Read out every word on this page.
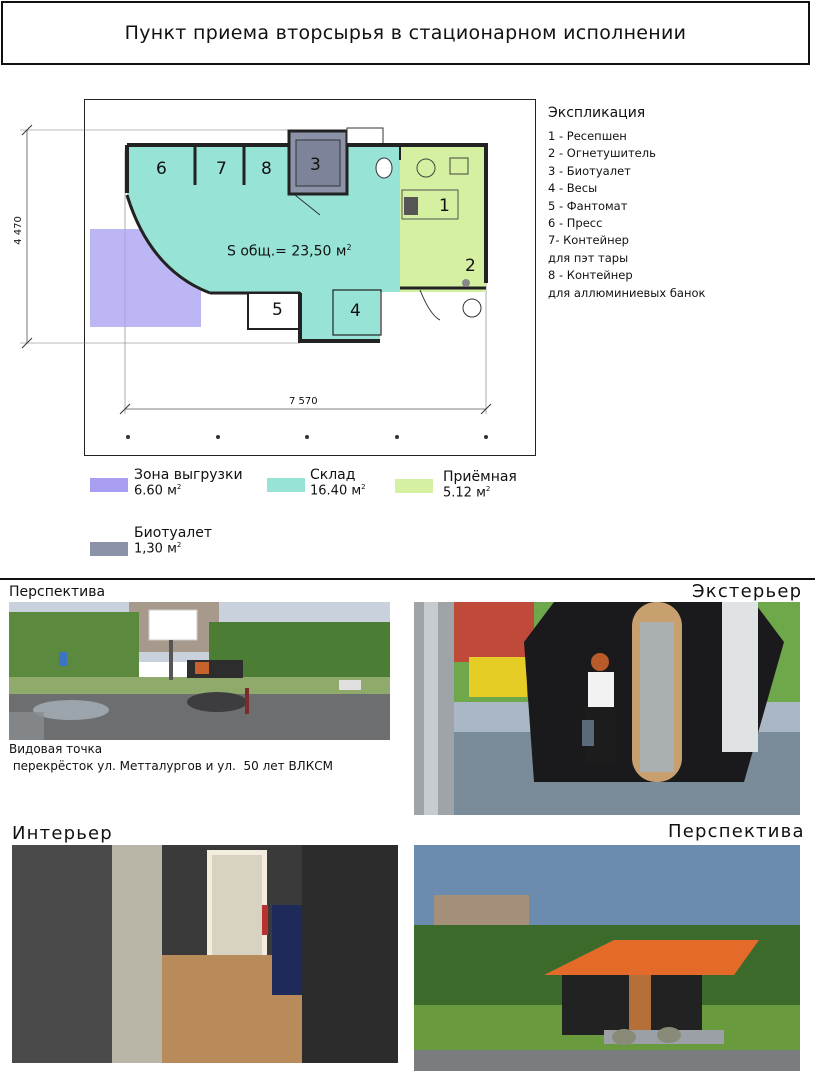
Пункт приема вторсырья в стационарном исполнении
4 470
7 570
S общ.= 23,50 $м^2$
6	7 8 3
1
2
5	4
Экспликация
1 - Ресепшен
2 - Огнетушитель
3 - Биотуалет
4 - Весы
5 - Фантомат
6 - Пресс
7- Контейнер
для пэт тары
8 - Контейнер
для аллюминиевых банок
Зона выгрузки
6.60 $м^2$
Склад
16.40 $м^2$
Приёмная
5.12 $м^2$
Биотуалет
1,30 $м^2$
Перспектива	Экстерьер
Интерьер	Перспектива
Видовая точка
перекрёсток ул. Метталургов и ул.  50 лет ВЛКСМ
